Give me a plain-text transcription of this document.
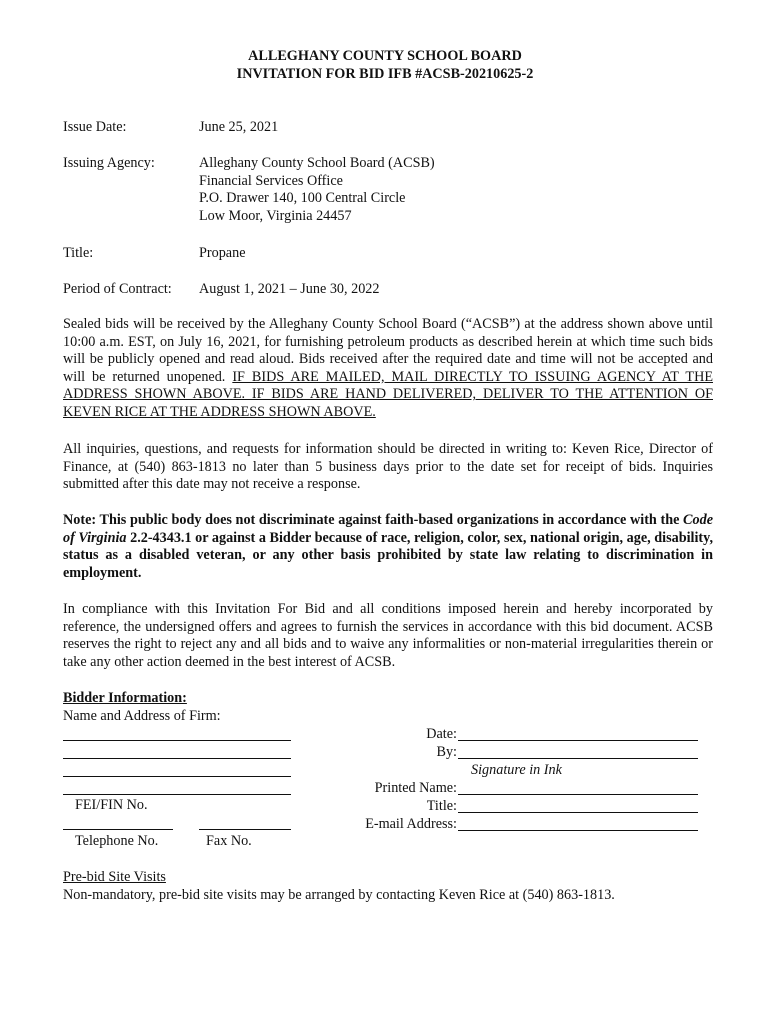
ALLEGHANY COUNTY SCHOOL BOARD
INVITATION FOR BID IFB #ACSB-20210625-2
Issue Date:	June 25, 2021
Issuing Agency:	Alleghany County School Board (ACSB)
Financial Services Office
P.O. Drawer 140, 100 Central Circle
Low Moor, Virginia 24457
Title:	Propane
Period of Contract: August 1, 2021 – June 30, 2022
Sealed bids will be received by the Alleghany County School Board (“ACSB”) at the address shown above until 10:00 a.m. EST, on July 16, 2021, for furnishing petroleum products as described herein at which time such bids will be publicly opened and read aloud. Bids received after the required date and time will not be accepted and will be returned unopened. IF BIDS ARE MAILED, MAIL DIRECTLY TO ISSUING AGENCY AT THE ADDRESS SHOWN ABOVE. IF BIDS ARE HAND DELIVERED, DELIVER TO THE ATTENTION OF KEVEN RICE AT THE ADDRESS SHOWN ABOVE.
All inquiries, questions, and requests for information should be directed in writing to: Keven Rice, Director of Finance, at (540) 863-1813 no later than 5 business days prior to the date set for receipt of bids. Inquiries submitted after this date may not receive a response.
Note: This public body does not discriminate against faith-based organizations in accordance with the Code of Virginia 2.2-4343.1 or against a Bidder because of race, religion, color, sex, national origin, age, disability, status as a disabled veteran, or any other basis prohibited by state law relating to discrimination in employment.
In compliance with this Invitation For Bid and all conditions imposed herein and hereby incorporated by reference, the undersigned offers and agrees to furnish the services in accordance with this bid document. ACSB reserves the right to reject any and all bids and to waive any informalities or non-material irregularities therein or take any other action deemed in the best interest of ACSB.
Bidder Information:
Name and Address of Firm:
FEI/FIN No.
Telephone No.	Fax No.
Date:
By:
Signature in Ink
Printed Name:
Title:
E-mail Address:
Pre-bid Site Visits
Non-mandatory, pre-bid site visits may be arranged by contacting Keven Rice at (540) 863-1813.
